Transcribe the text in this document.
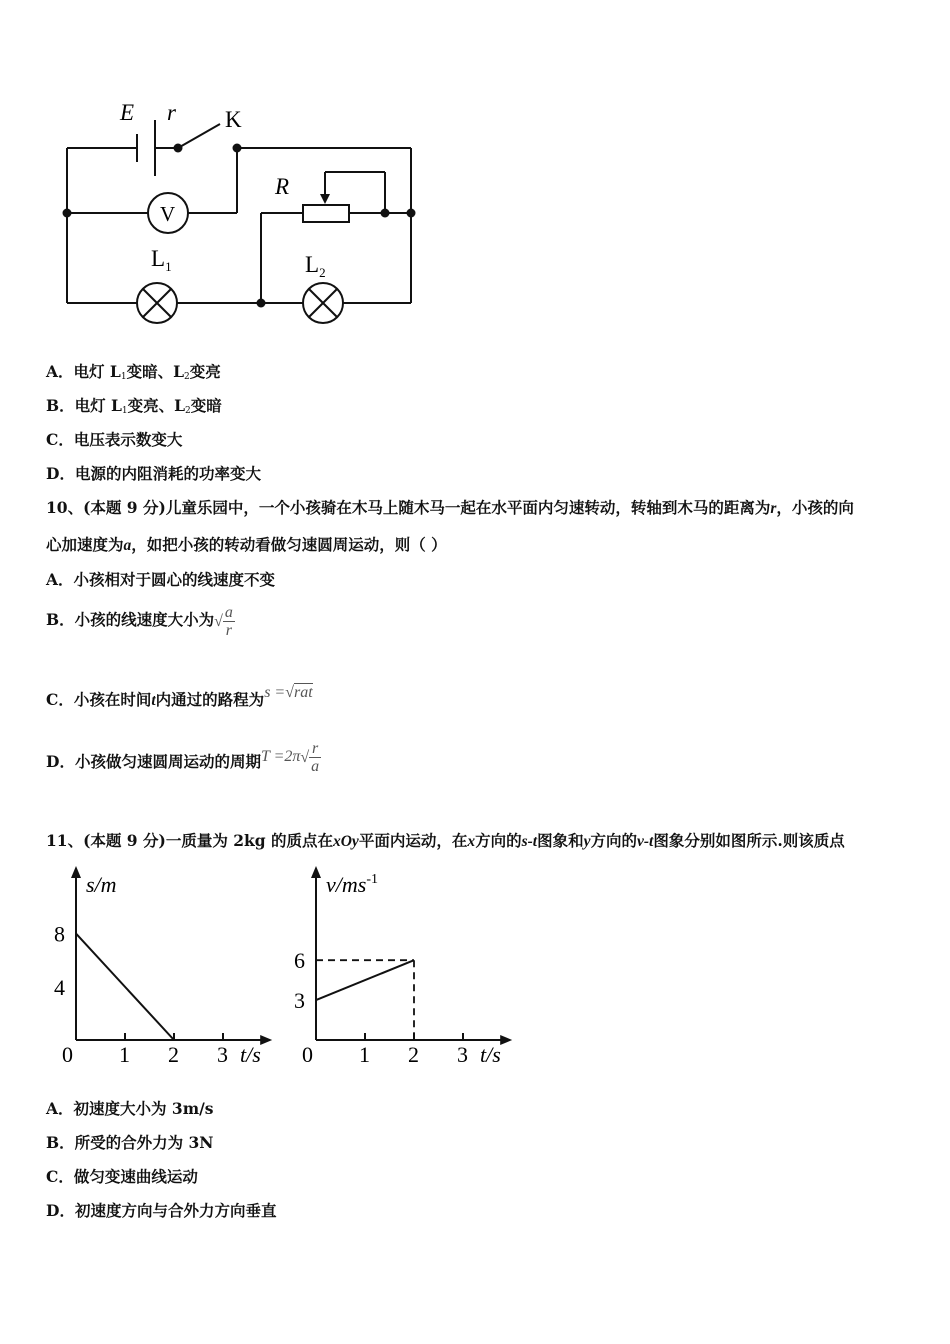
E r K
V
R
$L_1$	$L_2$
A．电灯 $L_1$变暗、$L_2$变亮
B．电灯 $L_1$变亮、$L_2$变暗
C．电压表示数变大
D．电源的内阻消耗的功率变大
10、(本题 9 分)儿童乐园中，一个小孩骑在木马上随木马一起在水平面内匀速转动，转轴到木马的距离为r，小孩的向
心加速度为a，如把小孩的转动看做匀速圆周运动，则（ ）
A．小孩相对于圆心的线速度不变
B．小孩的线速度大小为√ $\frac{a}{r}$
C．小孩在时间t内通过的路程为s =√rat
D．小孩做匀速圆周运动的周期$T =2\pi√ \frac{r}{a}$
11、(本题 9 分)一质量为 2kg 的质点在xOy平面内运动，在x方向的s-t图象和y方向的v-t图象分别如图所示.则该质点
0 1 2 3
4
8
t/s
s/m
0 1 2 3
3
6
t/s
$v/ms^{-1}$
A．初速度大小为 3m/s
B．所受的合外力为 3N
C．做匀变速曲线运动
D．初速度方向与合外力方向垂直
